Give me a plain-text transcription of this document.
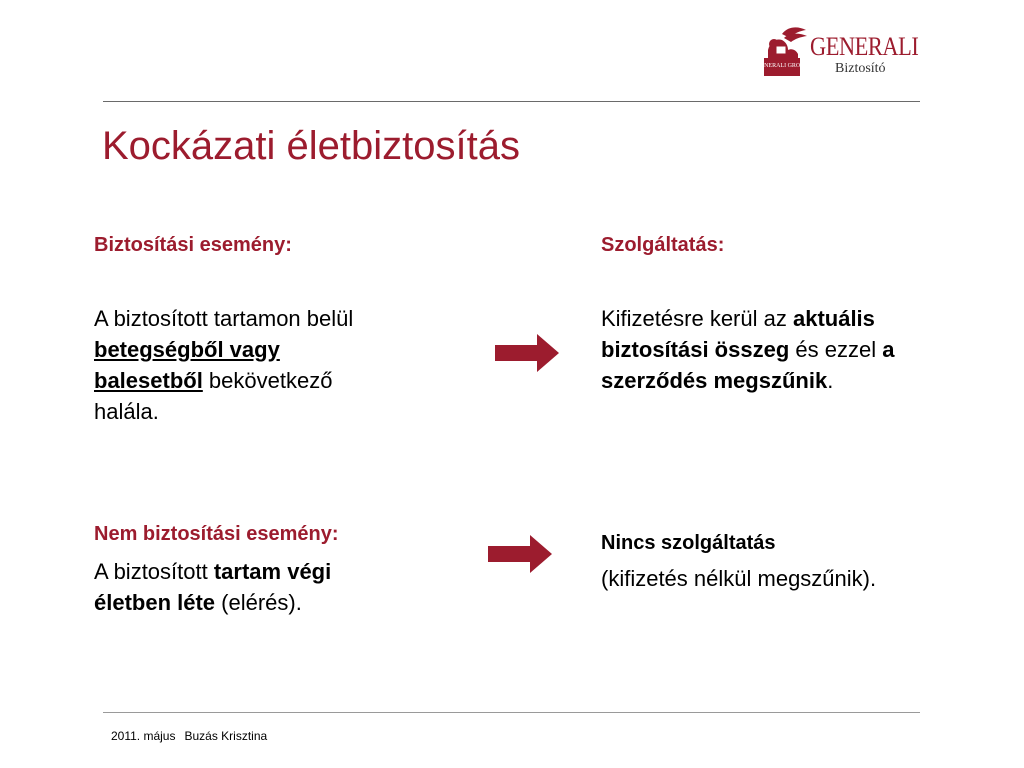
GENERALI GROUP
GENERALI
Biztosító
Kockázati életbiztosítás
Biztosítási esemény:
A biztosított tartamon belül
betegségből vagy
balesetből bekövetkező
halála.
Nem biztosítási esemény:
A biztosított tartam végi
életben léte (elérés).
Szolgáltatás:
Kifizetésre kerül az aktuális
biztosítási összeg és ezzel a
szerződés megszűnik.
Nincs szolgáltatás
(kifizetés nélkül megszűnik).
2011. május Buzás Krisztina
